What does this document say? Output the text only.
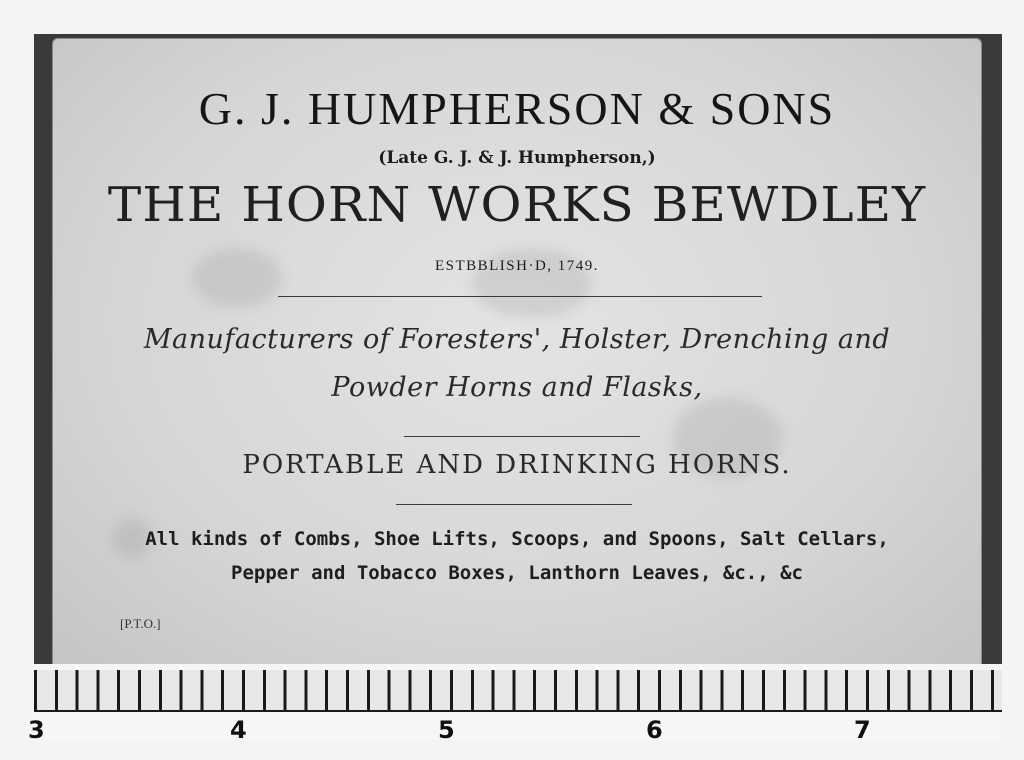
G. J. HUMPHERSON & SONS
(Late G. J. & J. Humpherson,)
THE HORN WORKS BEWDLEY
ESTBBLISH·D, 1749.
Manufacturers of Foresters', Holster, Drenching and
Powder Horns and Flasks,
PORTABLE AND DRINKING HORNS.
All kinds of Combs, Shoe Lifts, Scoops, and Spoons, Salt Cellars,
Pepper and Tobacco Boxes, Lanthorn Leaves, &c., &c
[P.T.O.]
3	4	5	6	7
